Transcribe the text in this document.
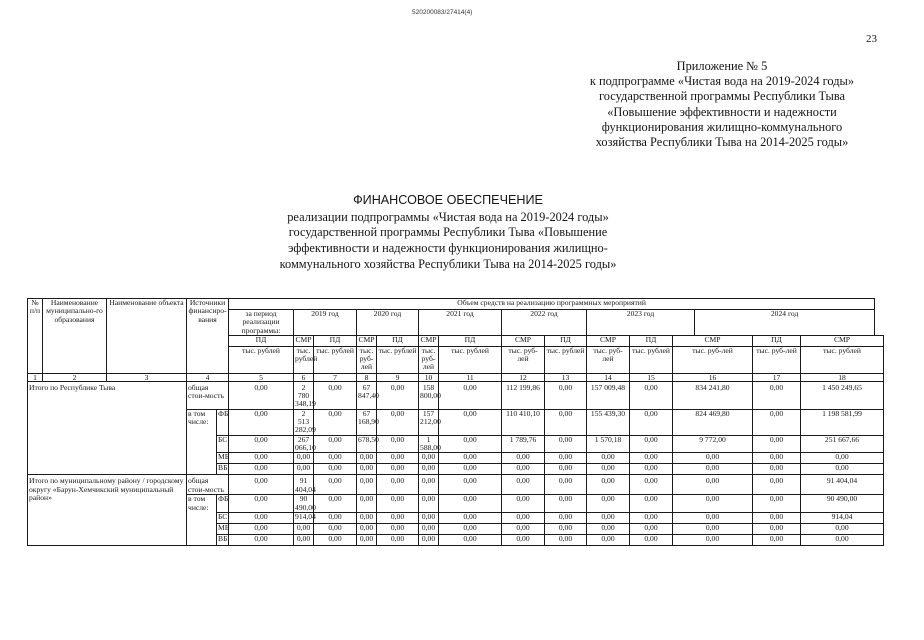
520200083/27414(4)
23
Приложение № 5
к подпрограмме «Чистая вода на 2019-2024 годы»
государственной программы Республики Тыва
«Повышение эффективности и надежности
функционирования жилищно-коммунального
хозяйства Республики Тыва на 2014-2025 годы»
ФИНАНСОВОЕ ОБЕСПЕЧЕНИЕ
реализации подпрограммы «Чистая вода на 2019-2024 годы»
государственной программы Республики Тыва «Повышение
эффективности и надежности функционирования жилищно-
коммунального хозяйства Республики Тыва на 2014-2025 годы»
№ п/п	Наименование муниципально-го образования	Наименование объекта	Источники финансиро-вания		Объем средств на реализацию программных мероприятий														
					за период реализации программы:	2019 год		2020 год		2021 год		2022 год		2023 год			2024 год		
					ПД	СМР	ПД	СМР	ПД	СМР	ПД	СМР	ПД	СМР	ПД	СМР		ПД	СМР
					тыс. рублей	тыс. рублей	тыс. рублей	тыс. руб-лей	тыс. рублей	тыс. руб-лей	тыс. рублей	тыс. руб-лей	тыс. рублей	тыс. руб-лей	тыс. рублей	тыс. руб-лей		тыс. руб-лей	тыс. рублей
1	2	3	4		5	6	7	8	9	10	11	12	13	14	15	16		17	18
Итого по Республике Тыва			общая стои-мость		0,00	2 780 348,19	0,00	67 847,40	0,00	158 800,00	0,00	112 199,86	0,00	157 009,48	0,00	834 241,80		0,00	1 450 249,65
			в том числе:	ФБ	0,00	2 513 282,09	0,00	67 168,90	0,00	157 212,00	0,00	110 410,10	0,00	155 439,30	0,00	824 469,80		0,00	1 198 581,99
				БС	0,00	267 066,10	0,00	678,50	0,00	1 588,00	0,00	1 789,76	0,00	1 570,18	0,00	9 772,00		0,00	251 667,66
				МБ	0,00	0,00	0,00	0,00	0,00	0,00	0,00	0,00	0,00	0,00	0,00	0,00		0,00	0,00
				ВБ	0,00	0,00	0,00	0,00	0,00	0,00	0,00	0,00	0,00	0,00	0,00	0,00		0,00	0,00
Итого по муниципальному району / городскому округу «Барун-Хемчикский муниципальный район»			общая стои-мость		0,00	91 404,04	0,00	0,00	0,00	0,00	0,00	0,00	0,00	0,00	0,00	0,00		0,00	91 404,04
			в том числе:	ФБ	0,00	90 490,00	0,00	0,00	0,00	0,00	0,00	0,00	0,00	0,00	0,00	0,00		0,00	90 490,00
				БС	0,00	914,04	0,00	0,00	0,00	0,00	0,00	0,00	0,00	0,00	0,00	0,00		0,00	914,04
				МБ	0,00	0,00	0,00	0,00	0,00	0,00	0,00	0,00	0,00	0,00	0,00	0,00		0,00	0,00
				ВБ	0,00	0,00	0,00	0,00	0,00	0,00	0,00	0,00	0,00	0,00	0,00	0,00		0,00	0,00
